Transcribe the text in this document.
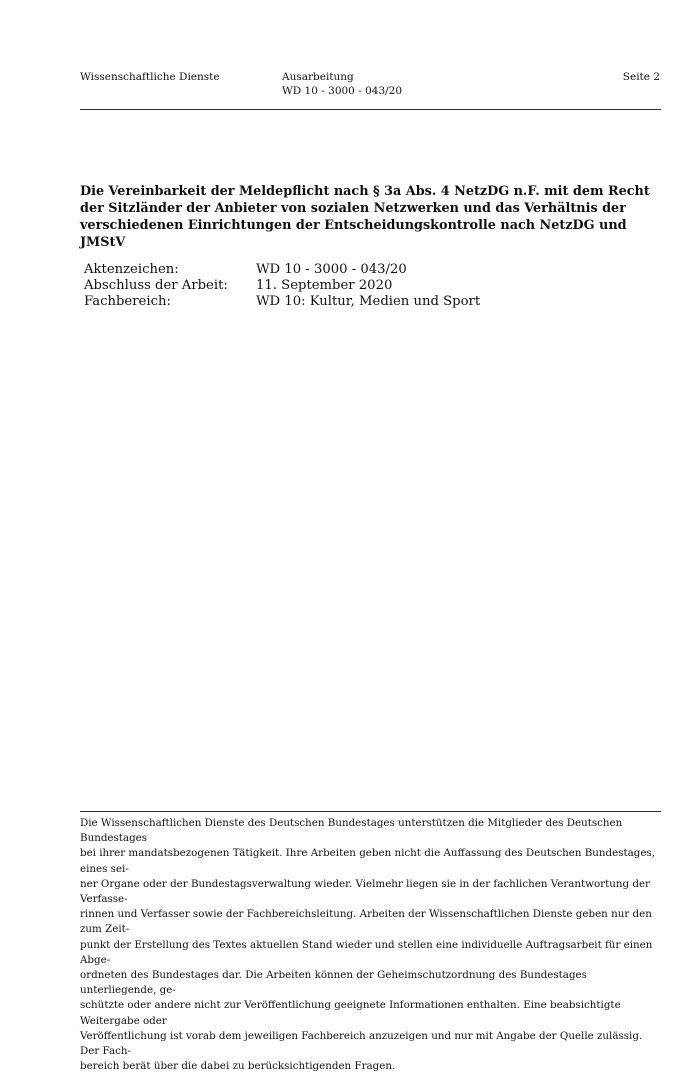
Wissenschaftliche Dienste	Ausarbeitung
WD 10 - 3000 - 043/20
Seite 2
Die Vereinbarkeit der Meldepflicht nach § 3a Abs. 4 NetzDG n.F. mit dem Recht der Sitzländer der Anbieter von sozialen Netzwerken und das Verhältnis der verschiedenen Einrichtungen der Entscheidungskontrolle nach NetzDG und JMStV
Aktenzeichen:	WD 10 - 3000 - 043/20
Abschluss der Arbeit:	11. September 2020
Fachbereich:	WD 10: Kultur, Medien und Sport
Die Wissenschaftlichen Dienste des Deutschen Bundestages unterstützen die Mitglieder des Deutschen Bundestages
bei ihrer mandatsbezogenen Tätigkeit. Ihre Arbeiten geben nicht die Auffassung des Deutschen Bundestages, eines sei-
ner Organe oder der Bundestagsverwaltung wieder. Vielmehr liegen sie in der fachlichen Verantwortung der Verfasse-
rinnen und Verfasser sowie der Fachbereichsleitung. Arbeiten der Wissenschaftlichen Dienste geben nur den zum Zeit-
punkt der Erstellung des Textes aktuellen Stand wieder und stellen eine individuelle Auftragsarbeit für einen Abge-
ordneten des Bundestages dar. Die Arbeiten können der Geheimschutzordnung des Bundestages unterliegende, ge-
schützte oder andere nicht zur Veröffentlichung geeignete Informationen enthalten. Eine beabsichtigte Weitergabe oder
Veröffentlichung ist vorab dem jeweiligen Fachbereich anzuzeigen und nur mit Angabe der Quelle zulässig. Der Fach-
bereich berät über die dabei zu berücksichtigenden Fragen.
